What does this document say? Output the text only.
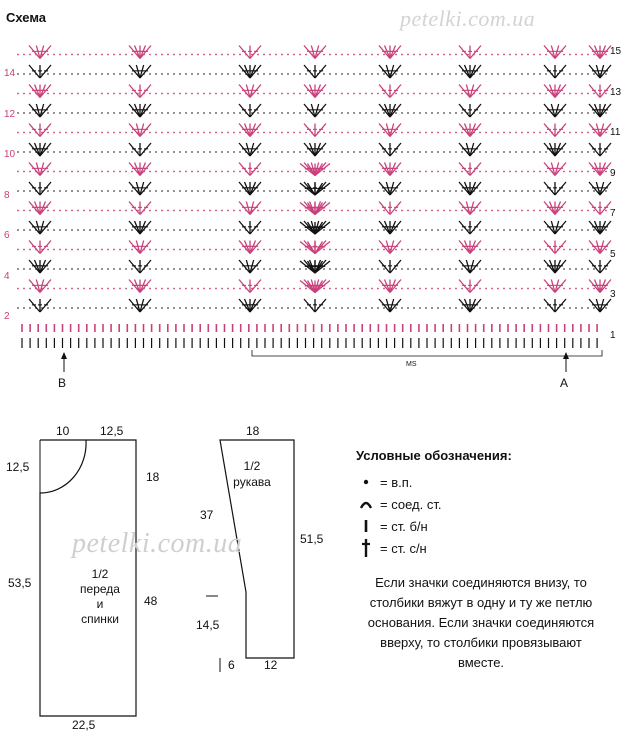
Схема	petelki.com.ua
15
13
11
9
7
5
3
1
14
12
10
8
6
4
2
B
MS
A
10	12,5
12,5
18
53,5
48
22,5
1/2
переда
и спинки
18
37
14,5
51,5
6 12
1/2
рукава
petelki.com.ua
Условные обозначения:
= в.п.
= соед. ст.
= ст. б/н
= ст. с/н
Если значки соединяются внизу, то столбики вяжут в одну и ту же петлю основания. Если значки соединяются вверху, то столбики провязывают вместе.
